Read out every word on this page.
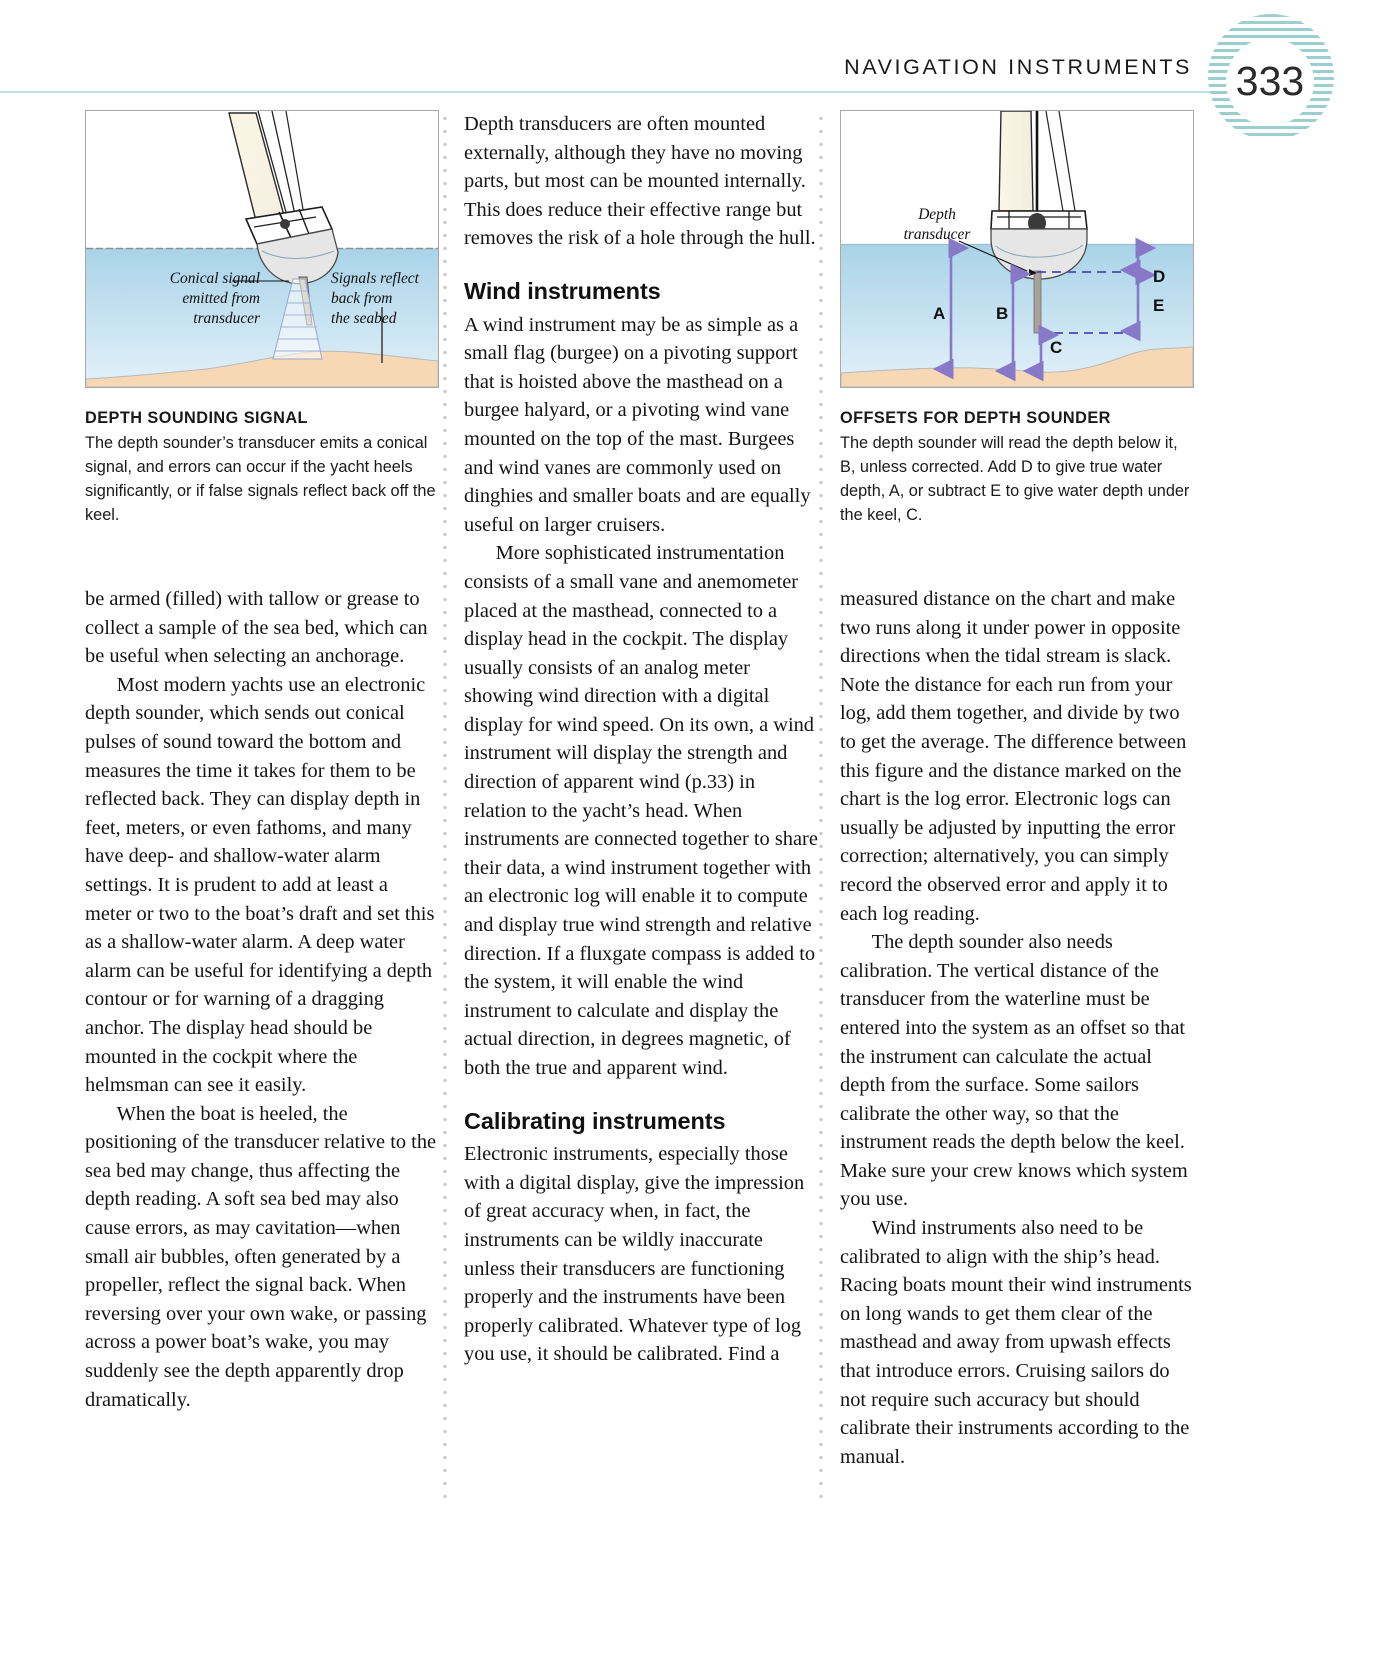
NAVIGATION INSTRUMENTS 333
Conical signal
emitted from
transducer
Signals reflect
back from
the seabed
DEPTH SOUNDING SIGNAL
The depth sounder’s transducer emits a conical signal, and errors can occur if the yacht heels significantly, or if false signals reflect back off the keel.

Depth transducers are often mounted externally, although they have no moving parts, but most can be mounted internally. This does reduce their effective range but removes the risk of a hole through the hull.

Wind instruments

A wind instrument may be as simple as a small flag (burgee) on a pivoting support that is hoisted above the masthead on a burgee halyard, or a pivoting wind vane mounted on the top of the mast. Burgees and wind vanes are commonly used on dinghies and smaller boats and are equally useful on larger cruisers.

More sophisticated instrumentation consists of a small vane and anemometer placed at the masthead, connected to a display head in the cockpit. The display usually consists of an analog meter showing wind direction with a digital display for wind speed. On its own, a wind instrument will display the strength and direction of apparent wind (p.33) in relation to the yacht’s head. When instruments are connected together to share their data, a wind instrument together with an electronic log will enable it to compute and display true wind strength and relative direction. If a fluxgate compass is added to the system, it will enable the wind instrument to calculate and display the actual direction, in degrees magnetic, of both the true and apparent wind.

Calibrating instruments

Electronic instruments, especially those with a digital display, give the impression of great accuracy when, in fact, the instruments can be wildly inaccurate unless their transducers are functioning properly and the instruments have been properly calibrated. Whatever type of log you use, it should be calibrated. Find a

Depth
transducer
A	B
C
D
E
OFFSETS FOR DEPTH SOUNDER
The depth sounder will read the depth below it, B, unless corrected. Add D to give true water depth, A, or subtract E to give water depth under the keel, C.

be armed (filled) with tallow or grease to collect a sample of the sea bed, which can be useful when selecting an anchorage.

Most modern yachts use an electronic depth sounder, which sends out conical pulses of sound toward the bottom and measures the time it takes for them to be reflected back. They can display depth in feet, meters, or even fathoms, and many have deep- and shallow-water alarm settings. It is prudent to add at least a meter or two to the boat’s draft and set this as a shallow-water alarm. A deep water alarm can be useful for identifying a depth contour or for warning of a dragging anchor. The display head should be mounted in the cockpit where the helmsman can see it easily.

When the boat is heeled, the positioning of the transducer relative to the sea bed may change, thus affecting the depth reading. A soft sea bed may also cause errors, as may cavitation—when small air bubbles, often generated by a propeller, reflect the signal back. When reversing over your own wake, or passing across a power boat’s wake, you may suddenly see the depth apparently drop dramatically.

measured distance on the chart and make two runs along it under power in opposite directions when the tidal stream is slack. Note the distance for each run from your log, add them together, and divide by two to get the average. The difference between this figure and the distance marked on the chart is the log error. Electronic logs can usually be adjusted by inputting the error correction; alternatively, you can simply record the observed error and apply it to each log reading.

The depth sounder also needs calibration. The vertical distance of the transducer from the waterline must be entered into the system as an offset so that the instrument can calculate the actual depth from the surface. Some sailors calibrate the other way, so that the instrument reads the depth below the keel. Make sure your crew knows which system you use.

Wind instruments also need to be calibrated to align with the ship’s head. Racing boats mount their wind instruments on long wands to get them clear of the masthead and away from upwash effects that introduce errors. Cruising sailors do not require such accuracy but should calibrate their instruments according to the manual.
